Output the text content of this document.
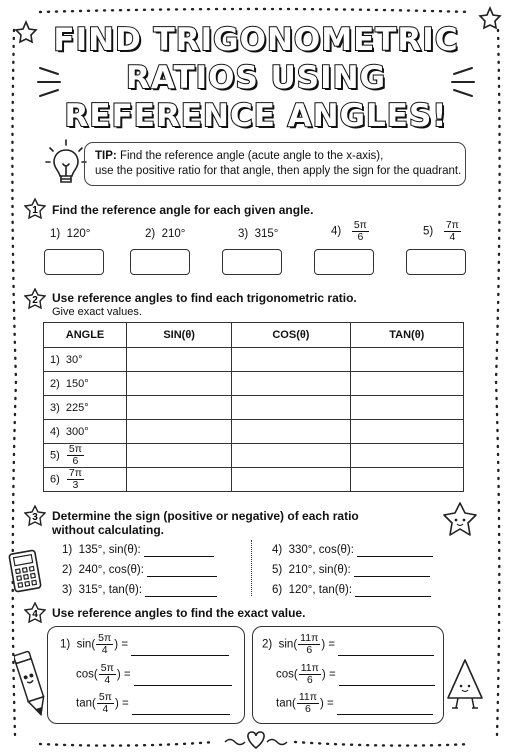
FIND TRIGONOMETRIC
RATIOS USING
REFERENCE ANGLES!
TIP: Find the reference angle (acute angle to the x-axis),
use the positive ratio for that angle, then apply the sign for the quadrant.
1 Find the reference angle for each given angle.
1) 120°	2) 210°	3) 315°	$4) \frac{5\pi}{6}$	$5) \frac{7\pi}{4}$
2 Use reference angles to find each trigonometric ratio.
Give exact values.
ANGLE	SIN(θ)	COS(θ)	TAN(θ)
1) 30°			
2) 150°			
3) 225°			
4) 300°			
$5) \frac{5\pi}{6}$

$6) \frac{7\pi}{3}$

3 Determine the sign (positive or negative) of each ratio
without calculating.
1) 135°, sin(θ):
2) 240°, cos(θ):
3) 315°, tan(θ):
4) 330°, cos(θ):
5) 210°, sin(θ):
6) 120°, tan(θ):
4 Use reference angles to find the exact value.
1) $\sin( \frac{5\pi}{4}$ ) =
$\cos( \frac{5\pi}{4}$ ) =
$\tan( \frac{5\pi}{4}$ ) =
2) $\sin( \frac{11\pi}{6}$ ) =
$\cos( \frac{11\pi}{6}$ ) =
$\tan( \frac{11\pi}{6}$ ) =
